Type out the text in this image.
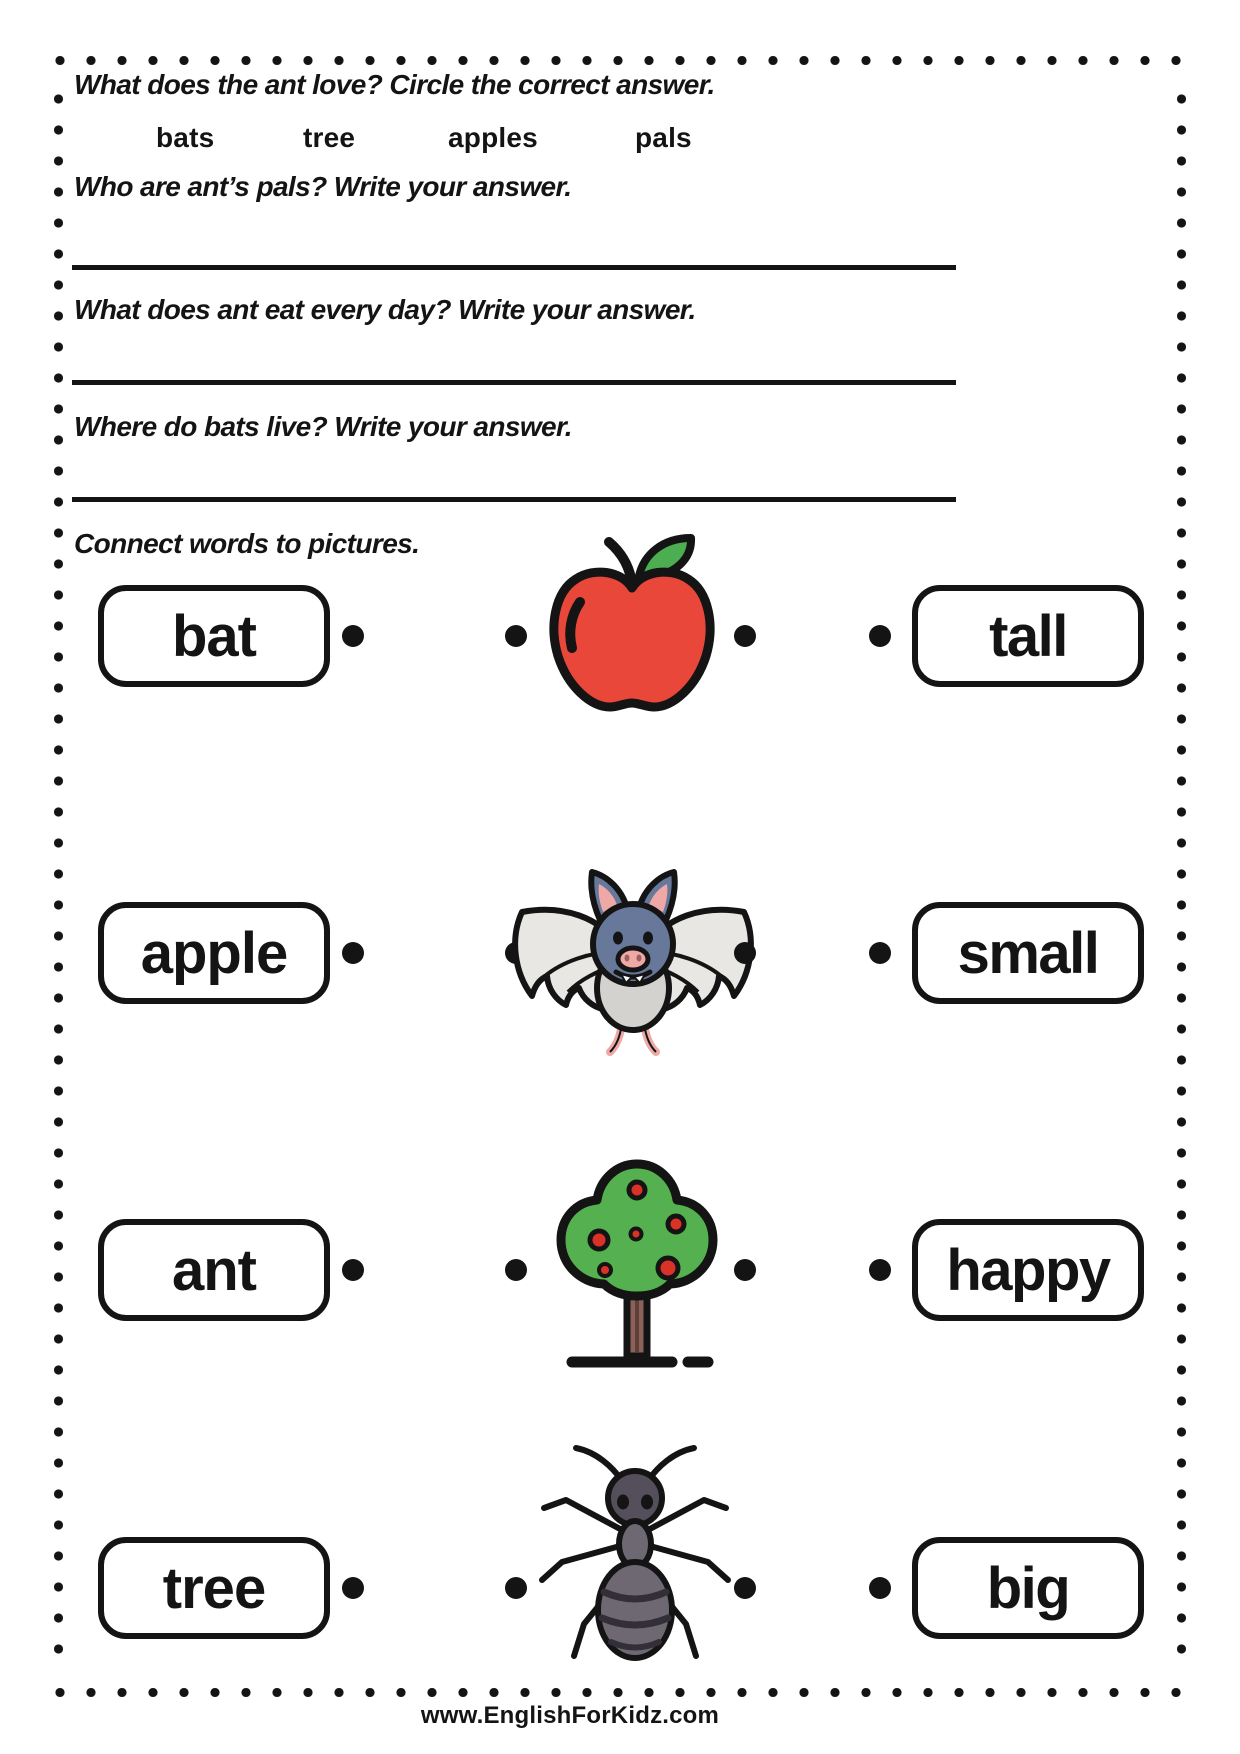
What does the ant love? Circle the correct answer.
bats	tree	apples	pals
Who are ant’s pals? Write your answer.
What does ant eat every day? Write your answer.
Where do bats live? Write your answer.
Connect words to pictures.
bat	tall
apple	small
ant	happy
tree	big
www.EnglishForKidz.com
